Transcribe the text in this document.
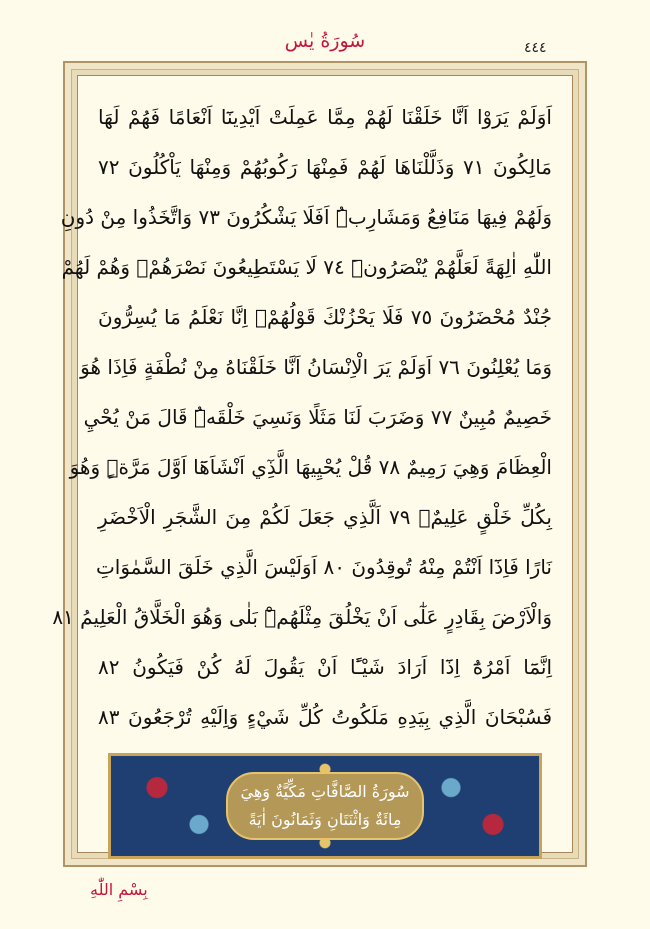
سُورَةُ يٰس	٤٤٤
اَوَلَمْ يَرَوْا اَنَّا خَلَقْنَا لَهُمْ مِمَّا عَمِلَتْ اَيْدِينَٓا اَنْعَامًا فَهُمْ لَهَا
مَالِكُونَ ٧١ وَذَلَّلْنَاهَا لَهُمْ فَمِنْهَا رَكُوبُهُمْ وَمِنْهَا يَاْكُلُونَ ٧٢
وَلَهُمْ فِيهَا مَنَافِعُ وَمَشَارِبُۜ اَفَلَا يَشْكُرُونَ ٧٣ وَاتَّخَذُوا مِنْ دُونِ
اللّٰهِ اٰلِهَةً لَعَلَّهُمْ يُنْصَرُونَۜ ٧٤ لَا يَسْتَطِيعُونَ نَصْرَهُمْۙ وَهُمْ لَهُمْ
جُنْدٌ مُحْضَرُونَ ٧٥ فَلَا يَحْزُنْكَ قَوْلُهُمْۢ اِنَّا نَعْلَمُ مَا يُسِرُّونَ
وَمَا يُعْلِنُونَ ٧٦ اَوَلَمْ يَرَ الْاِنْسَانُ اَنَّا خَلَقْنَاهُ مِنْ نُطْفَةٍ فَاِذَا هُوَ
خَصِيمٌ مُبِينٌ ٧٧ وَضَرَبَ لَنَا مَثَلًا وَنَسِيَ خَلْقَهُۜ قَالَ مَنْ يُحْيِ
الْعِظَامَ وَهِيَ رَمِيمٌ ٧٨ قُلْ يُحْيِيهَا الَّذِٓي اَنْشَاَهَٓا اَوَّلَ مَرَّةٍۜ وَهُوَ
بِكُلِّ خَلْقٍ عَلِيمٌۙ ٧٩ اَلَّذِي جَعَلَ لَكُمْ مِنَ الشَّجَرِ الْاَخْضَرِ
نَارًا فَاِذَٓا اَنْتُمْ مِنْهُ تُوقِدُونَ ٨٠ اَوَلَيْسَ الَّذِي خَلَقَ السَّمٰوَاتِ
وَالْاَرْضَ بِقَادِرٍ عَلٰٓى اَنْ يَخْلُقَ مِثْلَهُمْۜ بَلٰى وَهُوَ الْخَلَّاقُ الْعَلِيمُ ٨١
اِنَّمَٓا اَمْرُهُٓ اِذَٓا اَرَادَ شَيْـًٔا اَنْ يَقُولَ لَهُ كُنْ فَيَكُونُ ٨٢
فَسُبْحَانَ الَّذِي بِيَدِهِ مَلَكُوتُ كُلِّ شَيْءٍ وَاِلَيْهِ تُرْجَعُونَ ٨٣
سُورَةُ الصَّافَّاتِ مَكِّيَّةٌ وَهِيَ
مِائَةٌ وَاثْنَتَانِ وَثَمَانُونَ اٰيَةً
بِسْمِ اللّٰهِ
